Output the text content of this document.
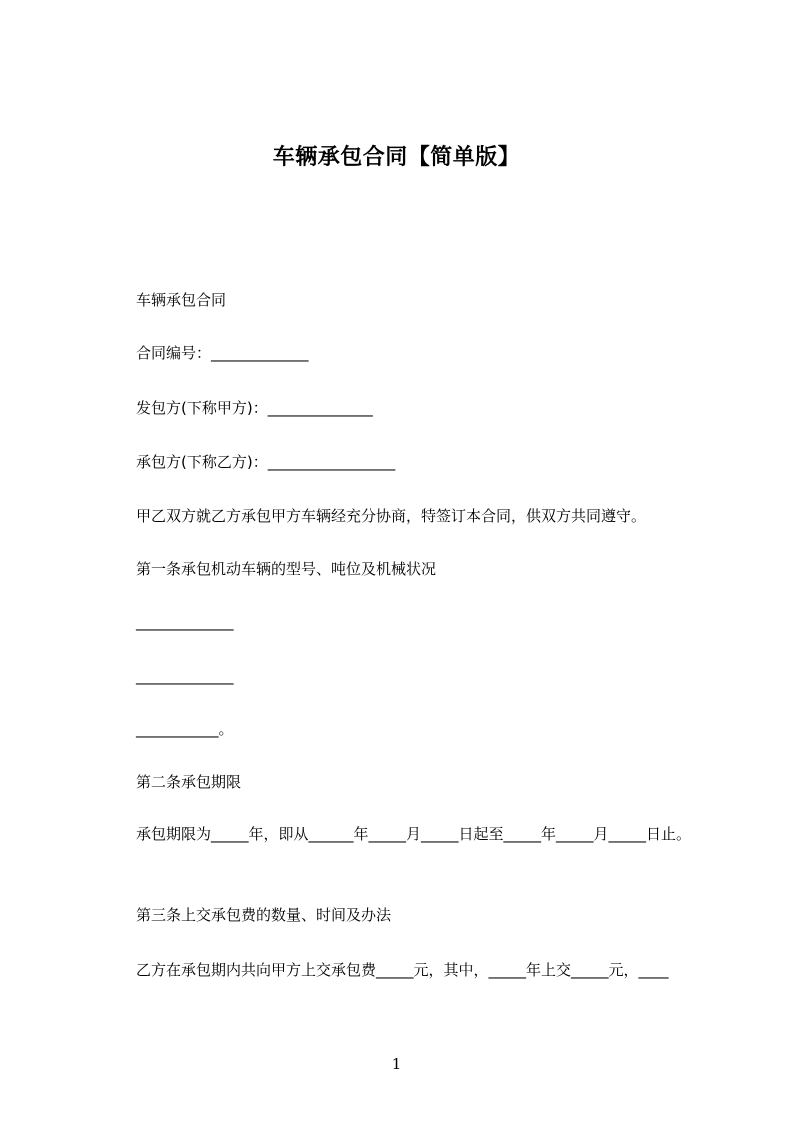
车辆承包合同【简单版】
车辆承包合同
合同编号：_____________
发包方(下称甲方)：______________
承包方(下称乙方)：_________________
甲乙双方就乙方承包甲方车辆经充分协商，特签订本合同，供双方共同遵守。
第一条承包机动车辆的型号、吨位及机械状况
_____________
_____________
___________。
第二条承包期限
承包期限为_____年，即从______年_____月_____日起至_____年_____月_____日止。
第三条上交承包费的数量、时间及办法
乙方在承包期内共向甲方上交承包费_____元，其中，_____年上交_____元，____
1
